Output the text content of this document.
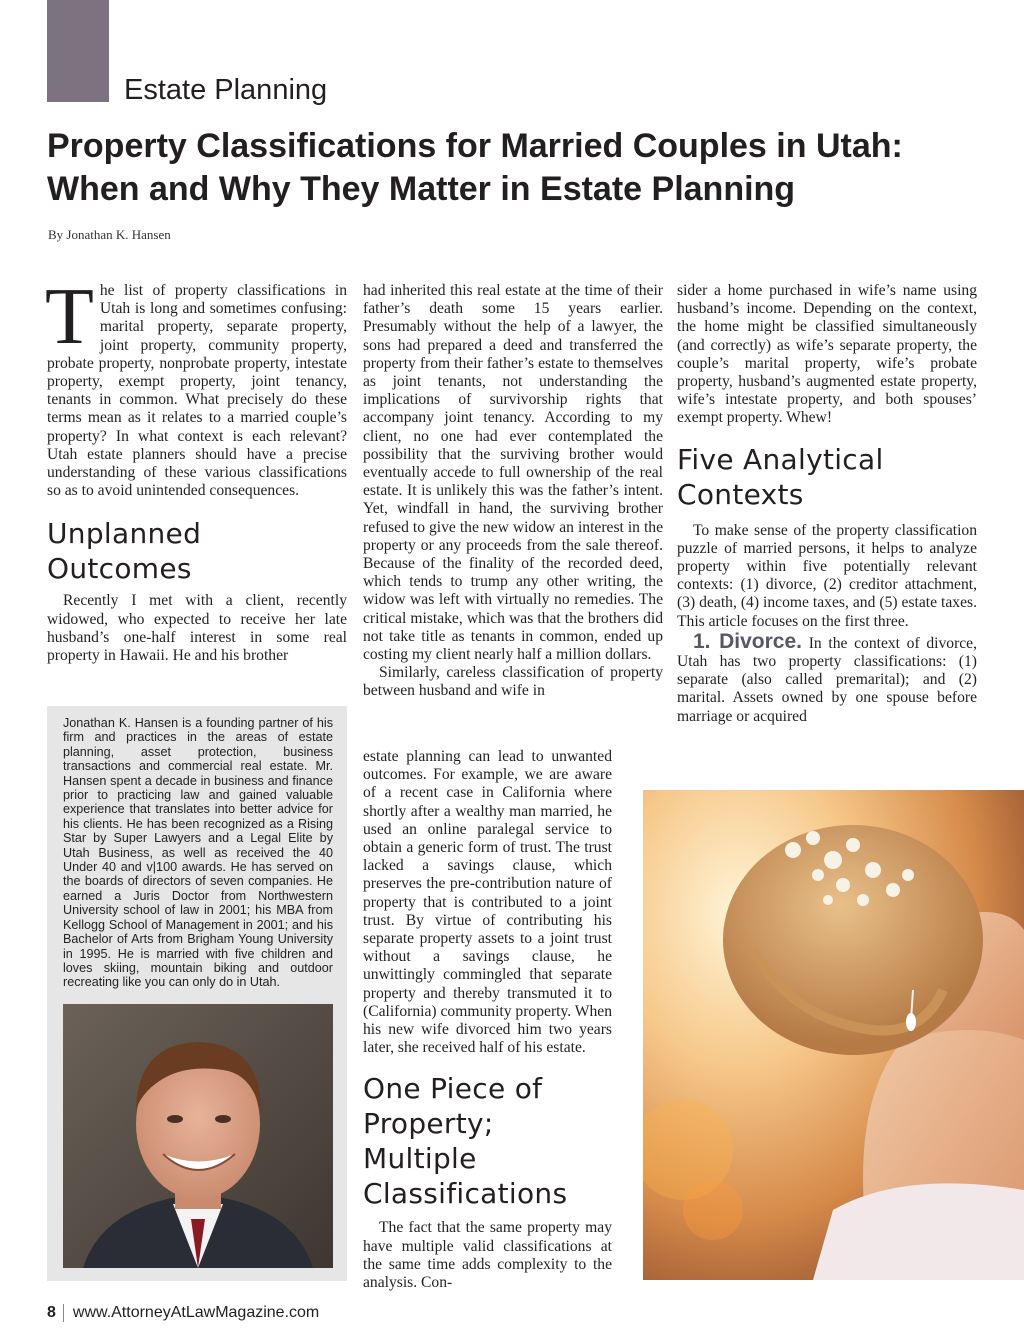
Estate Planning
Property Classifications for Married Couples in Utah:
When and Why They Matter in Estate Planning
By Jonathan K. Hansen

The list of property classifications in Utah is long and sometimes confusing: marital property, separate property, joint property, community property, probate property, nonprobate property, intestate property, exempt property, joint tenancy, tenants in common. What precisely do these terms mean as it relates to a married couple’s property? In what context is each relevant? Utah estate planners should have a precise understanding of these various classifications so as to avoid unintended consequences.

Unplanned
Outcomes

Recently I met with a client, recently widowed, who expected to receive her late husband’s one-half interest in some real property in Hawaii. He and his brother

Jonathan K. Hansen is a founding partner of his firm and practices in the areas of estate planning, asset protection, business transactions and commercial real estate. Mr. Hansen spent a decade in business and finance prior to practicing law and gained valuable experience that translates into better advice for his clients. He has been recognized as a Rising Star by Super Lawyers and a Legal Elite by Utah Business, as well as received the 40 Under 40 and v|100 awards. He has served on the boards of directors of seven companies. He earned a Juris Doctor from Northwestern University school of law in 2001; his MBA from Kellogg School of Management in 2001; and his Bachelor of Arts from Brigham Young University in 1995. He is married with five children and loves skiing, mountain biking and outdoor recreating like you can only do in Utah.

had inherited this real estate at the time of their father’s death some 15 years earlier. Presumably without the help of a lawyer, the sons had prepared a deed and transferred the property from their father’s estate to themselves as joint tenants, not understanding the implications of survivorship rights that accompany joint tenancy. According to my client, no one had ever contemplated the possibility that the surviving brother would eventually accede to full ownership of the real estate. It is unlikely this was the father’s intent. Yet, windfall in hand, the surviving brother refused to give the new widow an interest in the property or any proceeds from the sale thereof. Because of the finality of the recorded deed, which tends to trump any other writing, the widow was left with virtually no remedies. The critical mistake, which was that the brothers did not take title as tenants in common, ended up costing my client nearly half a million dollars.

Similarly, careless classification of property between husband and wife in

estate planning can lead to unwanted outcomes. For example, we are aware of a recent case in California where shortly after a wealthy man married, he used an online paralegal service to obtain a generic form of trust. The trust lacked a savings clause, which preserves the pre-contribution nature of property that is contributed to a joint trust. By virtue of contributing his separate property assets to a joint trust without a savings clause, he unwittingly commingled that separate property and thereby transmuted it to (California) community property. When his new wife divorced him two years later, she received half of his estate.

One Piece of
Property; Multiple
Classifications

The fact that the same property may have multiple valid classifications at the same time adds complexity to the analysis. Con-

sider a home purchased in wife’s name using husband’s income. Depending on the context, the home might be classified simultaneously (and correctly) as wife’s separate property, the couple’s marital property, wife’s probate property, husband’s augmented estate property, wife’s intestate property, and both spouses’ exempt property. Whew!

Five Analytical
Contexts

To make sense of the property classification puzzle of married persons, it helps to analyze property within five potentially relevant contexts: (1) divorce, (2) creditor attachment, (3) death, (4) income taxes, and (5) estate taxes. This article focuses on the first three.

1. Divorce. In the context of divorce, Utah has two property classifications: (1) separate (also called premarital); and (2) marital. Assets owned by one spouse before marriage or acquired

8 www.AttorneyAtLawMagazine.com
